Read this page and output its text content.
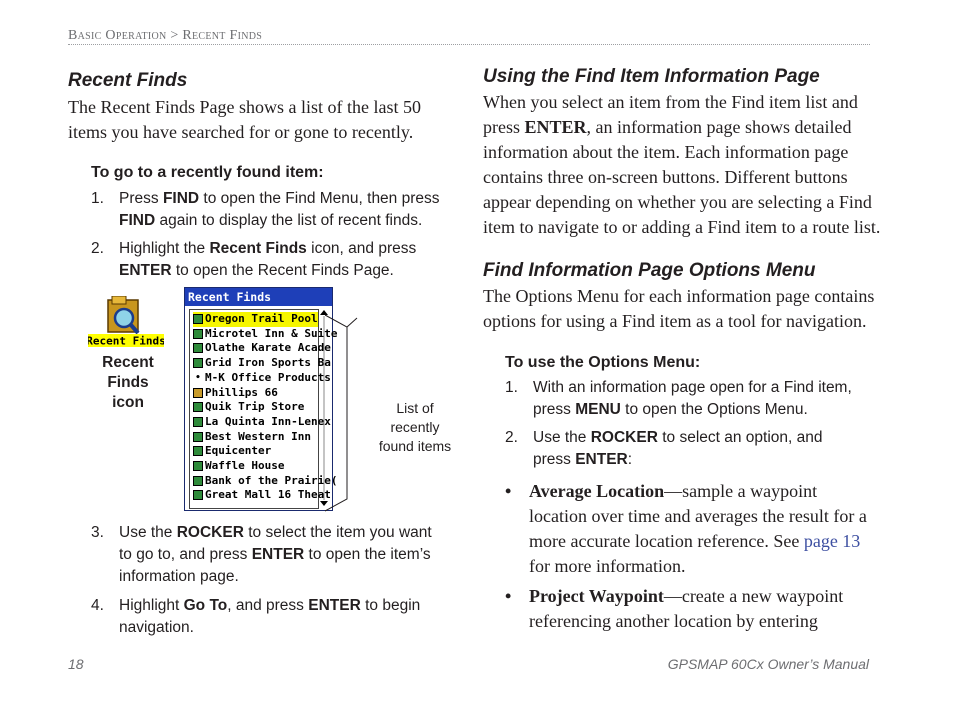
Basic Operation > Recent Finds
Recent Finds

The Recent Finds Page shows a list of the last 50

items you have searched for or gone to recently.

To go to a recently found item:
1. Press FIND to open the Find Menu, then press
FIND again to display the list of recent finds.
2. Highlight the Recent Finds icon, and press
ENTER to open the Recent Finds Page.
Recent Finds
Recent
Finds
icon
Recent Finds
Oregon Trail Pool
Microtel Inn & Suite
Olathe Karate Acade
Grid Iron Sports Ba
• M-K Office Products
Phillips 66
Quik Trip Store
La Quinta Inn-Lenex
Best Western Inn
Equicenter
Waffle House
Bank of the Prairie(
Great Mall 16 Theat
List of
recently
found items
3. Use the ROCKER to select the item you want
to go to, and press ENTER to open the item’s
information page.
4. Highlight Go To, and press ENTER to begin
navigation.
Using the Find Item Information Page

When you select an item from the Find item list and

press ENTER, an information page shows detailed

information about the item. Each information page

contains three on-screen buttons. Different buttons

appear depending on whether you are selecting a Find

item to navigate to or adding a Find item to a route list.

Find Information Page Options Menu

The Options Menu for each information page contains

options for using a Find item as a tool for navigation.

To use the Options Menu:
1. With an information page open for a Find item,
press MENU to open the Options Menu.
2. Use the ROCKER to select an option, and
press ENTER:
• Average Location—sample a waypoint
location over time and averages the result for a
more accurate location reference. See page 13
for more information.
• Project Waypoint—create a new waypoint
referencing another location by entering
18	GPSMAP 60Cx Owner’s Manual
